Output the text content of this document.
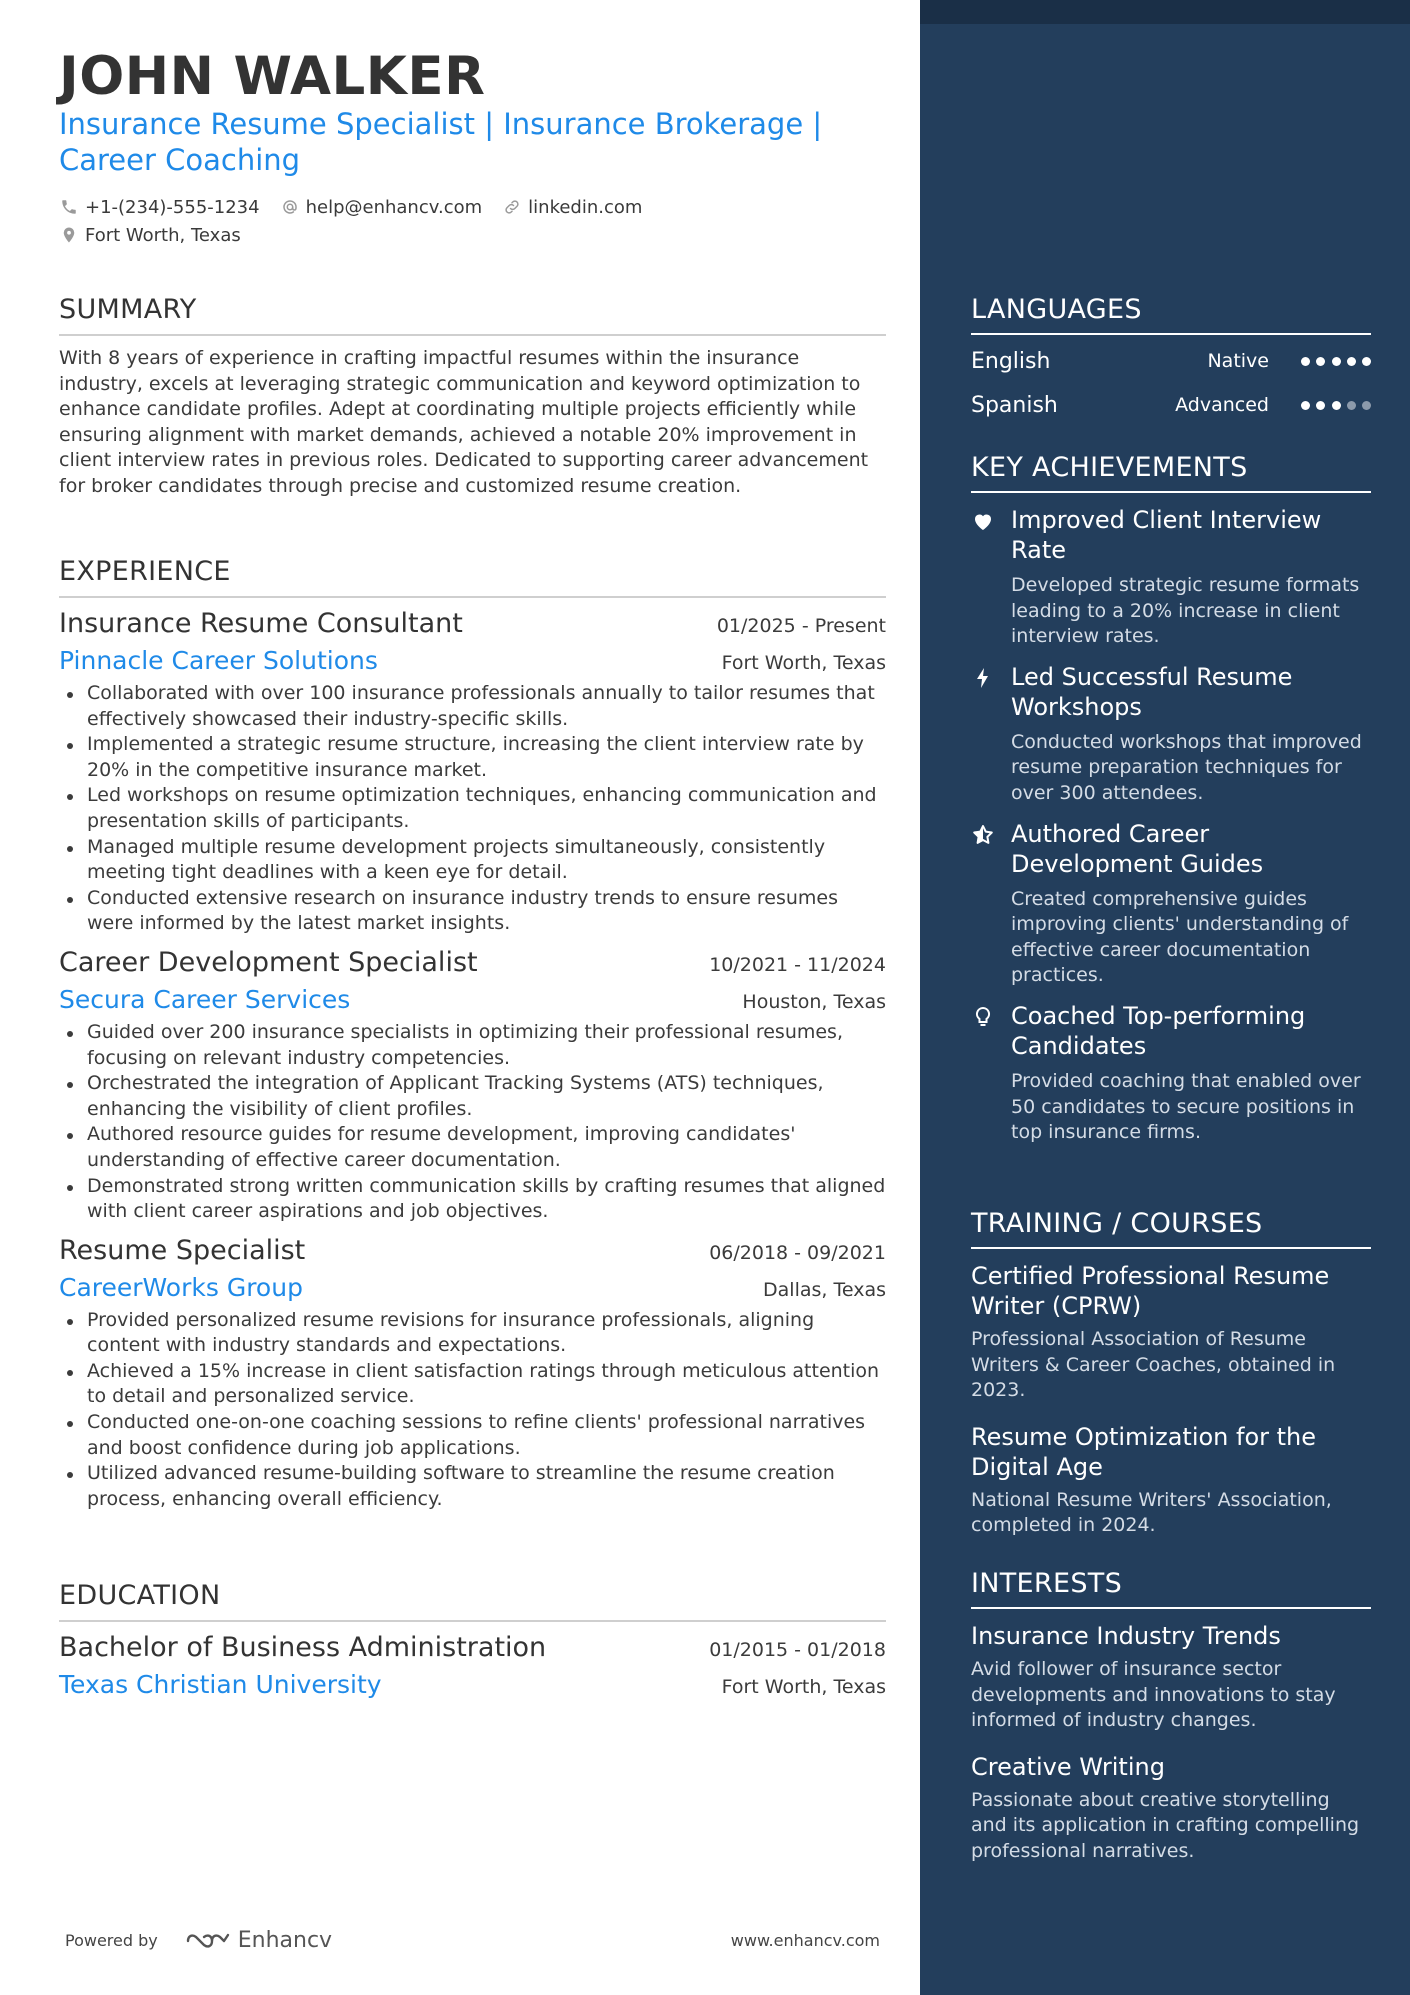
JOHN WALKER
Insurance Resume Specialist | Insurance Brokerage | Career Coaching
+1-(234)-555-1234	help@enhancv.com	linkedin.com
Fort Worth, Texas
SUMMARY

With 8 years of experience in crafting impactful resumes within the insurance industry, excels at leveraging strategic communication and keyword optimization to enhance candidate profiles. Adept at coordinating multiple projects efficiently while ensuring alignment with market demands, achieved a notable 20% improvement in client interview rates in previous roles. Dedicated to supporting career advancement for broker candidates through precise and customized resume creation.

EXPERIENCE
Insurance Resume Consultant	01/2025 - Present
Pinnacle Career Solutions	Fort Worth, Texas
Collaborated with over 100 insurance professionals annually to tailor resumes that effectively showcased their industry-specific skills.
Implemented a strategic resume structure, increasing the client interview rate by 20% in the competitive insurance market.
Led workshops on resume optimization techniques, enhancing communication and presentation skills of participants.
Managed multiple resume development projects simultaneously, consistently meeting tight deadlines with a keen eye for detail.
Conducted extensive research on insurance industry trends to ensure resumes were informed by the latest market insights.
Career Development Specialist	10/2021 - 11/2024
Secura Career Services	Houston, Texas
Guided over 200 insurance specialists in optimizing their professional resumes, focusing on relevant industry competencies.
Orchestrated the integration of Applicant Tracking Systems (ATS) techniques, enhancing the visibility of client profiles.
Authored resource guides for resume development, improving candidates' understanding of effective career documentation.
Demonstrated strong written communication skills by crafting resumes that aligned with client career aspirations and job objectives.
Resume Specialist	06/2018 - 09/2021
CareerWorks Group	Dallas, Texas
Provided personalized resume revisions for insurance professionals, aligning content with industry standards and expectations.
Achieved a 15% increase in client satisfaction ratings through meticulous attention to detail and personalized service.
Conducted one-on-one coaching sessions to refine clients' professional narratives and boost confidence during job applications.
Utilized advanced resume-building software to streamline the resume creation process, enhancing overall efficiency.
EDUCATION
Bachelor of Business Administration	01/2015 - 01/2018
Texas Christian University	Fort Worth, Texas
Powered by	Enhancv	www.enhancv.com
LANGUAGES
English	Native
Spanish	Advanced
KEY ACHIEVEMENTS
Improved Client Interview Rate
Developed strategic resume formats leading to a 20% increase in client interview rates.
Led Successful Resume Workshops
Conducted workshops that improved resume preparation techniques for over 300 attendees.
Authored Career Development Guides
Created comprehensive guides improving clients' understanding of effective career documentation practices.
Coached Top-performing Candidates
Provided coaching that enabled over 50 candidates to secure positions in top insurance firms.
TRAINING / COURSES
Certified Professional Resume Writer (CPRW)
Professional Association of Resume Writers & Career Coaches, obtained in 2023.
Resume Optimization for the Digital Age
National Resume Writers' Association, completed in 2024.
INTERESTS
Insurance Industry Trends
Avid follower of insurance sector developments and innovations to stay informed of industry changes.
Creative Writing
Passionate about creative storytelling and its application in crafting compelling professional narratives.
